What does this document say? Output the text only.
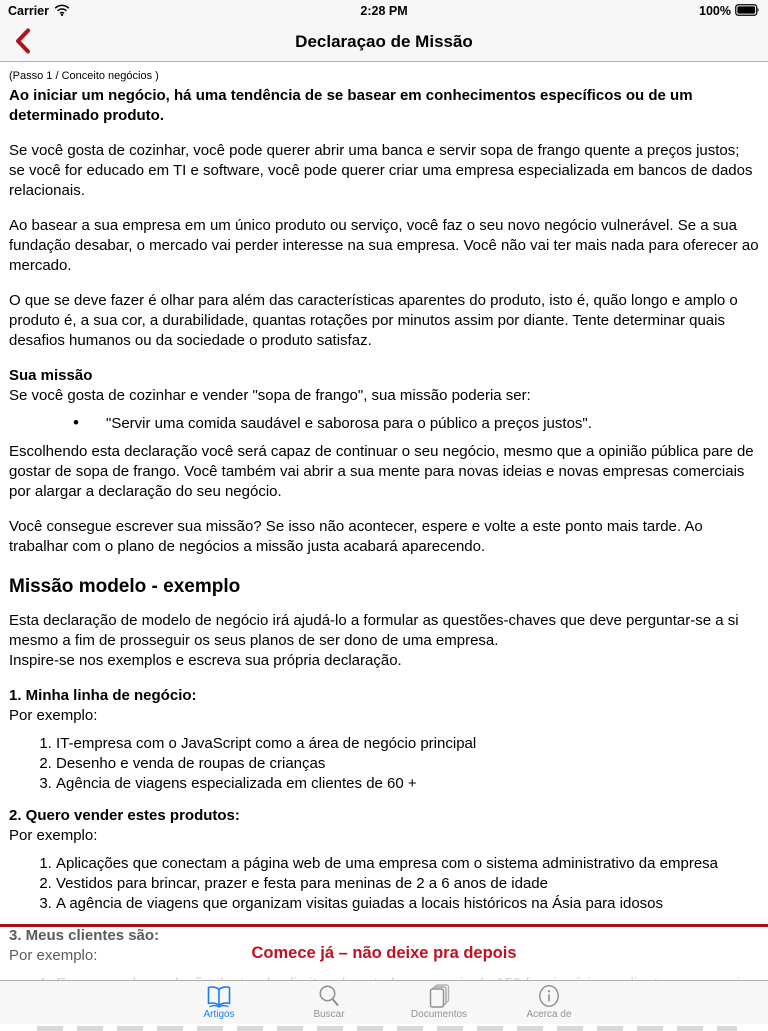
Carrier	2:28 PM	100%
Declaraçao de Missão
(Passo 1 / Conceito negócios )
Ao iniciar um negócio, há uma tendência de se basear em conhecimentos específicos ou de um determinado produto.
Se você gosta de cozinhar, você pode querer abrir uma banca e servir sopa de frango quente a preços justos; se você for educado em TI e software, você pode querer criar uma empresa especializada em bancos de dados relacionais.
Ao basear a sua empresa em um único produto ou serviço, você faz o seu novo negócio vulnerável. Se a sua fundação desabar, o mercado vai perder interesse na sua empresa. Você não vai ter mais nada para oferecer ao mercado.
O que se deve fazer é olhar para além das características aparentes do produto, isto é, quão longo e amplo o produto é, a sua cor, a durabilidade, quantas rotações por minutos assim por diante. Tente determinar quais desafios humanos ou da sociedade o produto satisfaz.
Sua missão
Se você gosta de cozinhar e vender "sopa de frango", sua missão poderia ser:
• "Servir uma comida saudável e saborosa para o público a preços justos".
Escolhendo esta declaração você será capaz de continuar o seu negócio, mesmo que a opinião pública pare de gostar de sopa de frango. Você também vai abrir a sua mente para novas ideias e novas empresas comerciais por alargar a declaração do seu negócio.
Você consegue escrever sua missão? Se isso não acontecer, espere e volte a este ponto mais tarde. Ao trabalhar com o plano de negócios a missão justa acabará aparecendo.
Missão modelo - exemplo
Esta declaração de modelo de negócio irá ajudá-lo a formular as questões-chaves que deve perguntar-se a si mesmo a fim de prosseguir os seus planos de ser dono de uma empresa.
Inspire-se nos exemplos e escreva sua própria declaração.
1. Minha linha de negócio:
Por exemplo:
1. IT-empresa com o JavaScript como a área de negócio principal
2. Desenho e venda de roupas de crianças
3. Agência de viagens especializada em clientes de 60 +
2. Quero vender estes produtos:
Por exemplo:
1. Aplicações que conectam a página web de uma empresa com o sistema administrativo da empresa
2. Vestidos para brincar, prazer e festa para meninas de 2 a 6 anos de idade
3. A agência de viagens que organizam visitas guiadas a locais históricos na Ásia para idosos
3. Meus clientes são:
Por exemplo:
1.	Comece já – não deixe pra depois
Artigos	Buscar	Documentos	Acerca de
